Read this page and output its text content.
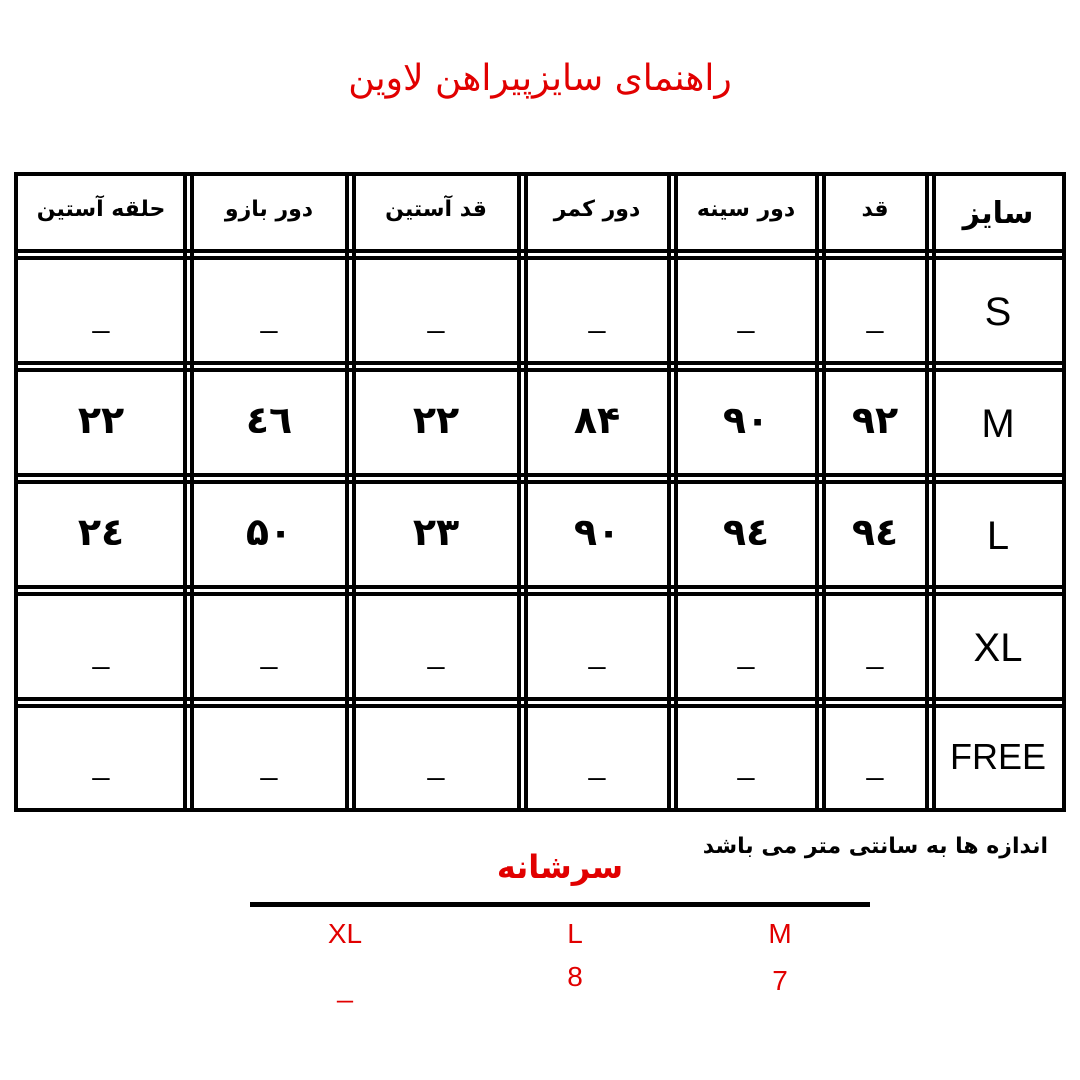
راهنمای سایزپیراهن لاوین
سایز
قد
دور سینه
دور کمر
قد آستین
دور بازو
حلقه آستین
S
_
_
_
_
_
_
M
۹۲
۹۰
۸۴
۲۲
٤٦
۲۲
L
۹٤
۹٤
۹۰
۲۳
۵۰
۲٤
XL
_
_
_
_
_
_
FREE
_
_
_
_
_
_
اندازه ها به سانتی متر می باشد
سرشانه
M
7
L
8
XL
_
